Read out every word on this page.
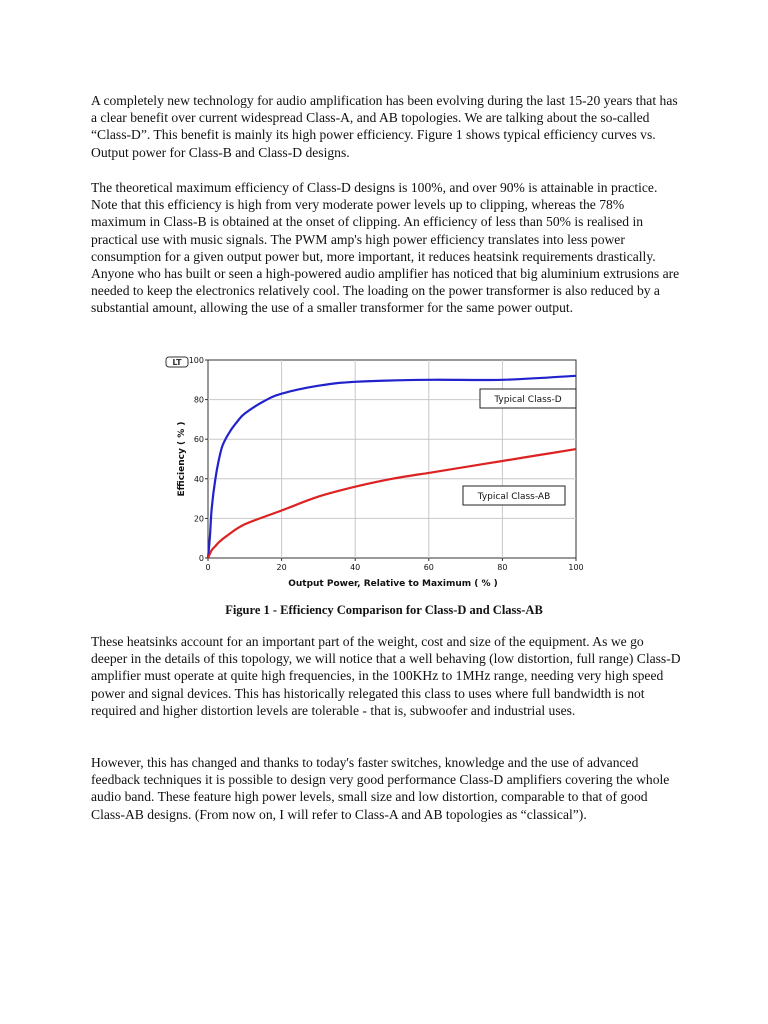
A completely new technology for audio amplification has been evolving during the last 15-20 years that has a clear benefit over current widespread Class-A, and AB topologies. We are talking about the so-called “Class-D”. This benefit is mainly its high power efficiency. Figure 1 shows typical efficiency curves vs. Output power for Class-B and Class-D designs.

The theoretical maximum efficiency of Class-D designs is 100%, and over 90% is attainable in practice. Note that this efficiency is high from very moderate power levels up to clipping, whereas the 78% maximum in Class-B is obtained at the onset of clipping. An efficiency of less than 50% is realised in practical use with music signals. The PWM amp's high power efficiency translates into less power consumption for a given output power but, more important, it reduces heatsink requirements drastically. Anyone who has built or seen a high-powered audio amplifier has noticed that big aluminium extrusions are needed to keep the electronics relatively cool. The loading on the power transformer is also reduced by a substantial amount, allowing the use of a smaller transformer for the same power output.

LT
0	20	40	60	80	100
0
20
40
60
80
100
Output Power, Relative to Maximum ( % )
Efficiency ( % )
Typical Class-D
Typical Class-AB

Figure 1 - Efficiency Comparison for Class-D and Class-AB

These heatsinks account for an important part of the weight, cost and size of the equipment. As we go deeper in the details of this topology, we will notice that a well behaving (low distortion, full range) Class-D amplifier must operate at quite high frequencies, in the 100KHz to 1MHz range, needing very high speed power and signal devices. This has historically relegated this class to uses where full bandwidth is not required and higher distortion levels are tolerable - that is, subwoofer and industrial uses.

However, this has changed and thanks to today's faster switches, knowledge and the use of advanced feedback techniques it is possible to design very good performance Class-D amplifiers covering the whole audio band. These feature high power levels, small size and low distortion, comparable to that of good Class-AB designs. (From now on, I will refer to Class-A and AB topologies as “classical”).
